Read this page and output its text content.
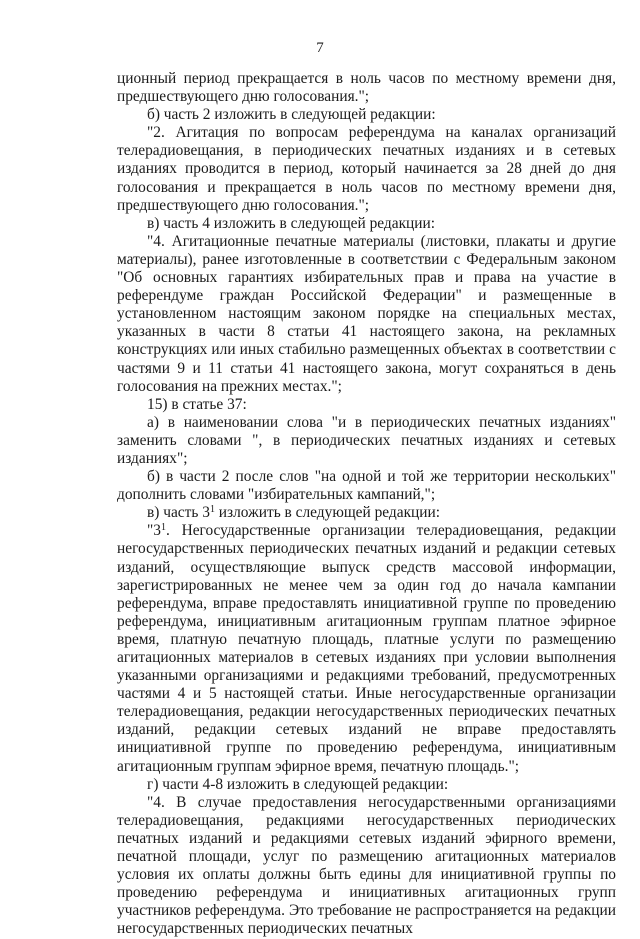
7

ционный период прекращается в ноль часов по местному времени дня, предшествующего дню голосования.";

б) часть 2 изложить в следующей редакции:

"2. Агитация по вопросам референдума на каналах организаций телерадиовещания, в периодических печатных изданиях и в сетевых изданиях проводится в период, который начинается за 28 дней до дня голосования и прекращается в ноль часов по местному времени дня, предшествующего дню голосования.";

в) часть 4 изложить в следующей редакции:

"4. Агитационные печатные материалы (листовки, плакаты и другие материалы), ранее изготовленные в соответствии с Федеральным законом "Об основных гарантиях избирательных прав и права на участие в референдуме граждан Российской Федерации" и размещенные в установленном настоящим законом порядке на специальных местах, указанных в части 8 статьи 41 настоящего закона, на рекламных конструкциях или иных стабильно размещенных объектах в соответствии с частями 9 и 11 статьи 41 настоящего закона, могут сохраняться в день голосования на прежних местах.";

15) в статье 37:

а) в наименовании слова "и в периодических печатных изданиях" заменить словами ", в периодических печатных изданиях и сетевых изданиях";

б) в части 2 после слов "на одной и той же территории нескольких" дополнить словами "избирательных кампаний,";

в) часть $3^1$ изложить в следующей редакции:

"$3^1$. Негосударственные организации телерадиовещания, редакции негосударственных периодических печатных изданий и редакции сетевых изданий, осуществляющие выпуск средств массовой информации, зарегистрированных не менее чем за один год до начала кампании референдума, вправе предоставлять инициативной группе по проведению референдума, инициативным агитационным группам платное эфирное время, платную печатную площадь, платные услуги по размещению агитационных материалов в сетевых изданиях при условии выполнения указанными организациями и редакциями требований, предусмотренных частями 4 и 5 настоящей статьи. Иные негосударственные организации телерадиовещания, редакции негосударственных периодических печатных изданий, редакции сетевых изданий не вправе предоставлять инициативной группе по проведению референдума, инициативным агитационным группам эфирное время, печатную площадь.";

г) части 4-8 изложить в следующей редакции:

"4. В случае предоставления негосударственными организациями телерадиовещания, редакциями негосударственных периодических печатных изданий и редакциями сетевых изданий эфирного времени, печатной площади, услуг по размещению агитационных материалов условия их оплаты должны быть едины для инициативной группы по проведению референдума и инициативных агитационных групп участников референдума. Это требование не распространяется на редакции негосударственных периодических печатных
